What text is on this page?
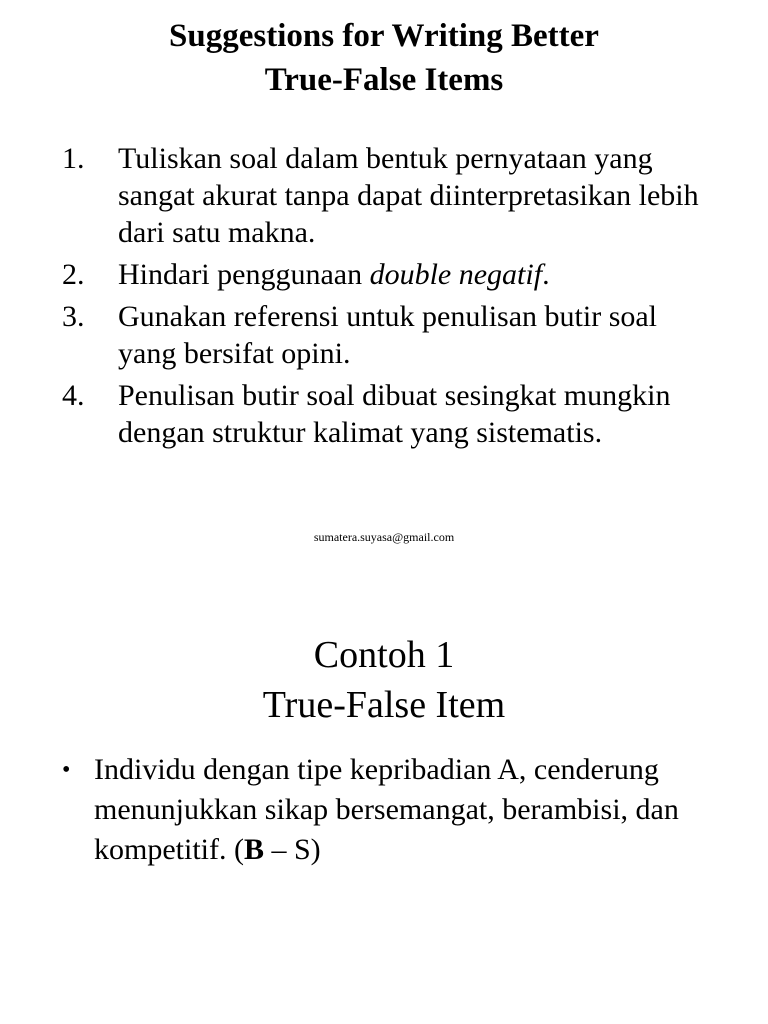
Suggestions for Writing Better
True-False Items
1. Tuliskan soal dalam bentuk pernyataan yang sangat akurat tanpa dapat diinterpretasikan lebih dari satu makna.
2. Hindari penggunaan double negatif.
3. Gunakan referensi untuk penulisan butir soal yang bersifat opini.
4. Penulisan butir soal dibuat sesingkat mungkin dengan struktur kalimat yang sistematis.
sumatera.suyasa@gmail.com
Contoh 1
True-False Item
• Individu dengan tipe kepribadian A, cenderung menunjukkan sikap bersemangat, berambisi, dan kompetitif. (B – S)
